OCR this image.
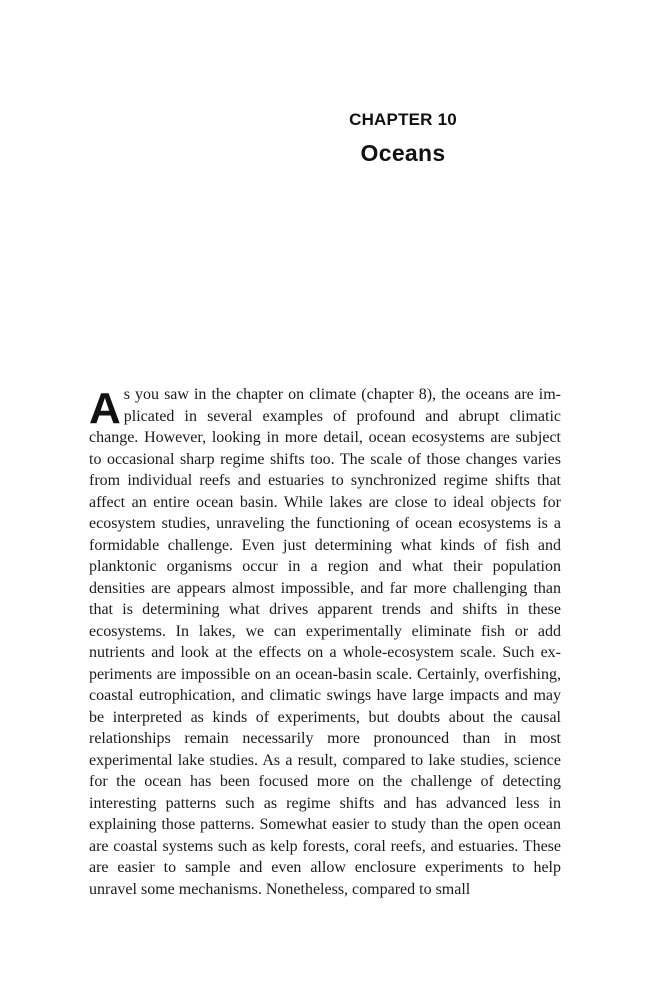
CHAPTER 10
Oceans

As you saw in the chapter on climate (chapter 8), the oceans are implicated in several examples of profound and abrupt climatic change. However, looking in more detail, ocean ecosystems are subject to occasional sharp regime shifts too. The scale of those changes varies from individual reefs and estuaries to synchronized regime shifts that affect an entire ocean basin. While lakes are close to ideal objects for ecosystem studies, unraveling the functioning of ocean ecosystems is a formidable challenge. Even just determining what kinds of fish and planktonic organisms occur in a region and what their population densities are appears almost impossible, and far more challenging than that is determining what drives apparent trends and shifts in these ecosystems. In lakes, we can experimentally eliminate fish or add nutrients and look at the effects on a whole-ecosystem scale. Such experiments are impossible on an ocean-basin scale. Certainly, overfishing, coastal eutrophication, and climatic swings have large impacts and may be interpreted as kinds of experiments, but doubts about the causal relationships remain necessarily more pronounced than in most experimental lake studies. As a result, compared to lake studies, science for the ocean has been focused more on the challenge of detecting interesting patterns such as regime shifts and has advanced less in explaining those patterns. Somewhat easier to study than the open ocean are coastal systems such as kelp forests, coral reefs, and estuaries. These are easier to sample and even allow enclosure experiments to help unravel some mechanisms. Nonetheless, compared to small
